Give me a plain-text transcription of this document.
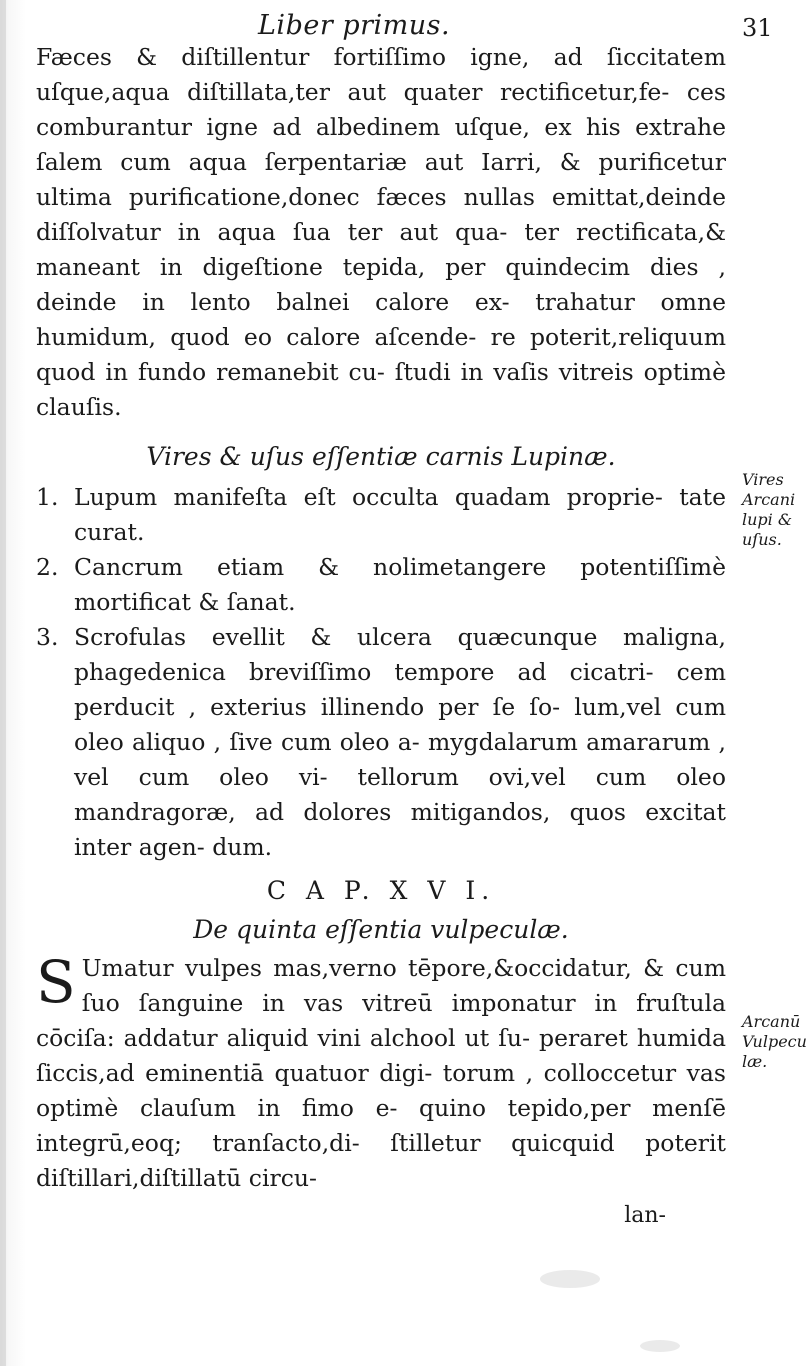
Liber primus.	31

Fæces & diſtillentur fortiſſimo igne, ad ſiccitatem uſque,aqua diſtillata,ter aut quater rectificetur,fe- ces comburantur igne ad albedinem uſque, ex his extrahe ſalem cum aqua ſerpentariæ aut Iarri, & purificetur ultima purificatione,donec fæces nullas emittat,deinde diſſolvatur in aqua ſua ter aut qua- ter rectificata,& maneant in digeſtione tepida, per quindecim dies , deinde in lento balnei calore ex- trahatur omne humidum, quod eo calore aſcende- re poterit,reliquum quod in fundo remanebit cu- ſtudi in vaſis vitreis optimè clauſis.

Vires & uſus eſſentiæ carnis Lupinæ.

1. Lupum manifeſta eſt occulta quadam proprie- tate curat.

2. Cancrum etiam & nolimetangere potentiſſimè mortificat & ſanat.

3. Scrofulas evellit & ulcera quæcunque maligna, phagedenica breviſſimo tempore ad cicatri- cem perducit , exterius illinendo per ſe ſo- lum,vel cum oleo aliquo , ſive cum oleo a- mygdalarum amararum , vel cum oleo vi- tellorum ovi,vel cum oleo mandragoræ, ad dolores mitigandos, quos excitat inter agen- dum.

C A P. X V I.
De quinta eſſentia vulpeculæ.

S Umatur vulpes mas,verno tēpore,&occidatur, & cum ſuo ſanguine in vas vitreū imponatur in fruſtula cōciſa: addatur aliquid vini alchool ut ſu- peraret humida ſiccis,ad eminentiā quatuor digi- torum , colloccetur vas optimè clauſum in fimo e- quino tepido,per menſē integrū,eoq; tranſacto,di- ſtilletur quicquid poterit diſtillari,diſtillatū circu-

lan-
Vires Arcani lupi & uſus.
Arcanū Vulpecu læ.
